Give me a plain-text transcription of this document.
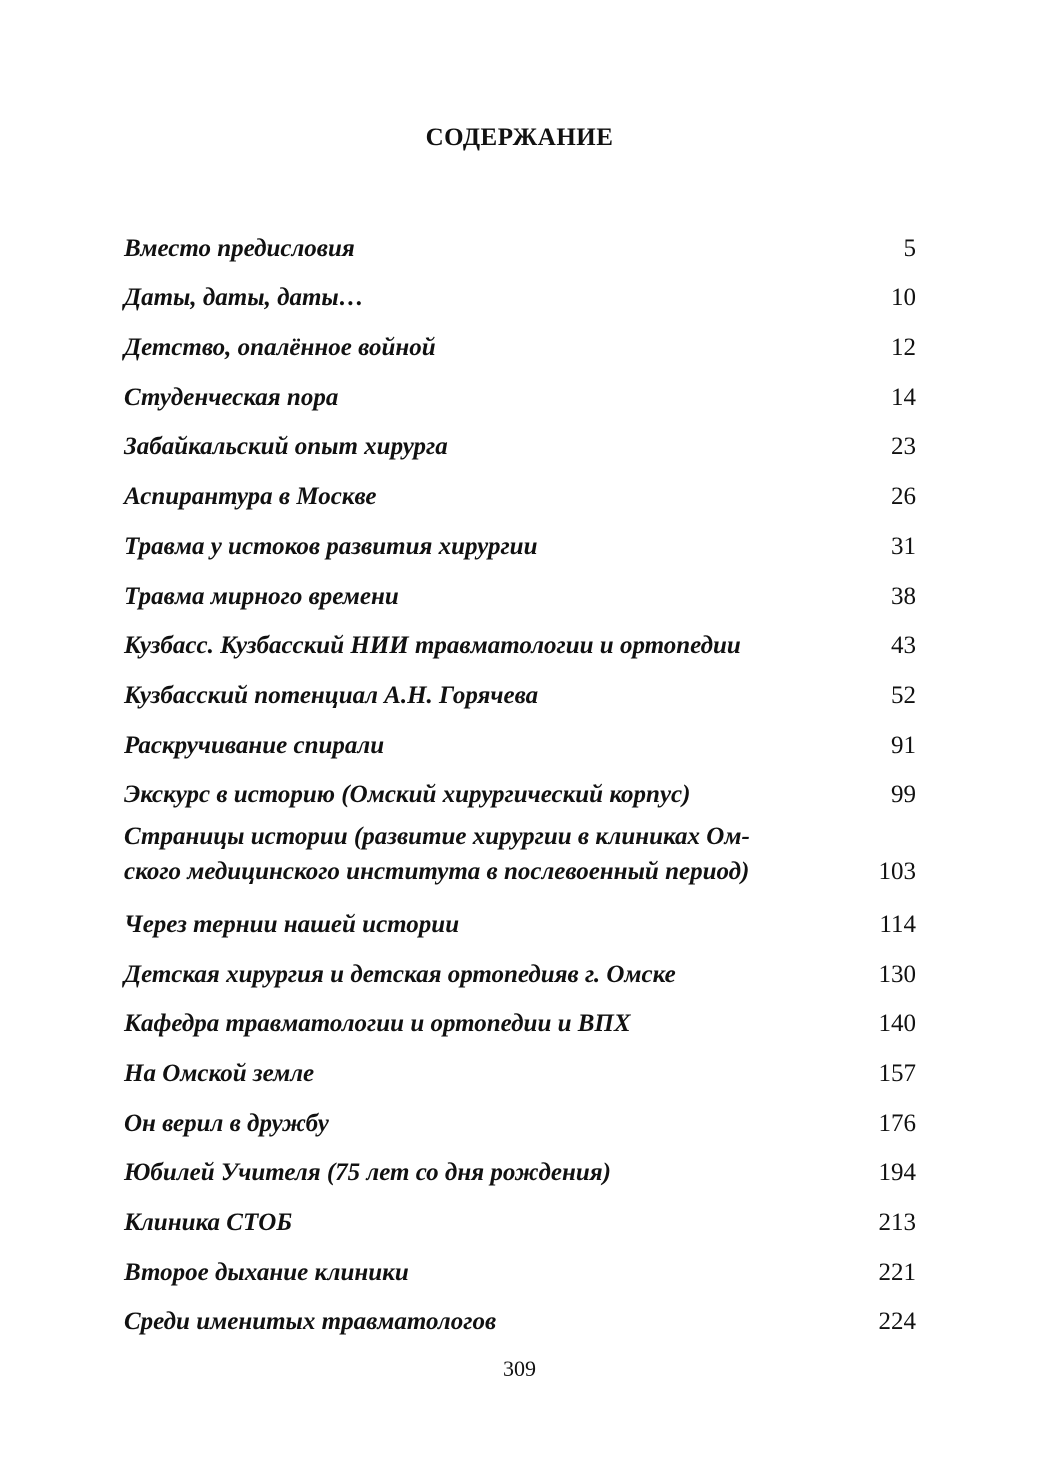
СОДЕРЖАНИЕ
Вместо предисловия	5
Даты, даты, даты…	10
Детство, опалённое войной	12
Студенческая пора	14
Забайкальский опыт хирурга	23
Аспирантура в Москве	26
Травма у истоков развития хирургии	31
Травма мирного времени	38
Кузбасс. Кузбасский НИИ травматологии и ортопедии	43
Кузбасский потенциал А.Н. Горячева	52
Раскручивание спирали	91
Экскурс в историю (Омский хирургический корпус)	99
Страницы истории (развитие хирургии в клиниках Ом-
ского медицинского института в послевоенный период)	103
Через тернии нашей истории	114
Детская хирургия и детская ортопедияв г. Омске	130
Кафедра травматологии и ортопедии и ВПХ	140
На Омской земле	157
Он верил в дружбу	176
Юбилей Учителя (75 лет со дня рождения)	194
Клиника СТОБ	213
Второе дыхание клиники	221
Среди именитых травматологов	224
309
